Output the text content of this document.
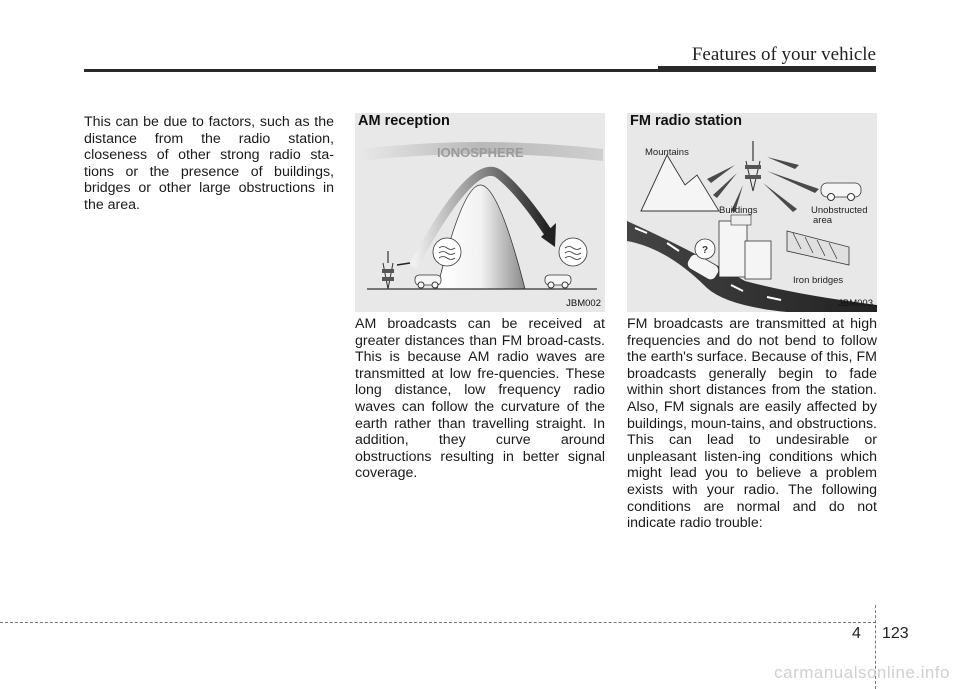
Features of your vehicle
This can be due to factors, such as the distance from the radio station, closeness of other strong radio sta-tions or the presence of buildings, bridges or other large obstructions in the area.
IONOSPHERE
AM reception
JBM002
?
Mountains
Buildings	Unobstructed
area
Iron bridges
FM radio station
JBM003
AM broadcasts can be received at greater distances than FM broad-casts. This is because AM radio waves are transmitted at low fre-quencies. These long distance, low frequency radio waves can follow the curvature of the earth rather than travelling straight. In addition, they curve around obstructions resulting in better signal coverage.
FM broadcasts are transmitted at high frequencies and do not bend to follow the earth's surface. Because of this, FM broadcasts generally begin to fade within short distances from the station. Also, FM signals are easily affected by buildings, moun-tains, and obstructions. This can lead to undesirable or unpleasant listen-ing conditions which might lead you to believe a problem exists with your radio. The following conditions are normal and do not indicate radio trouble:
4 123
carmanualsonline.info
